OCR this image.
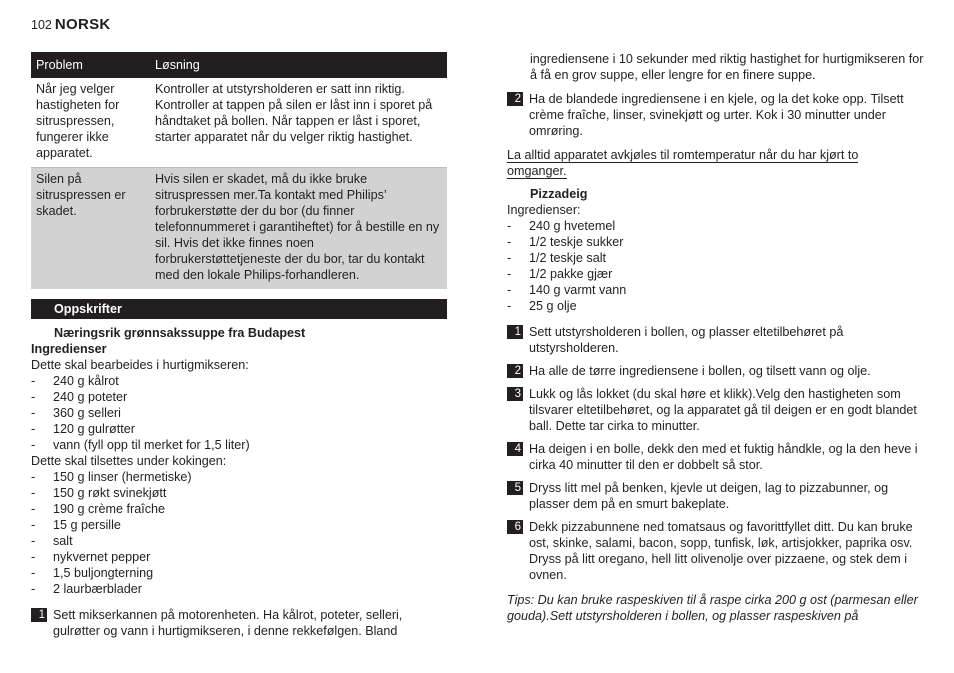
102 NORSK
Problem	Løsning
Når jeg velger hastigheten for sitruspressen, fungerer ikke apparatet.
Kontroller at utstyrsholderen er satt inn riktig. Kontroller at tappen på silen er låst inn i sporet på håndtaket på bollen. Når tappen er låst i sporet, starter apparatet når du velger riktig hastighet.
Silen på sitruspressen er skadet.
Hvis silen er skadet, må du ikke bruke sitruspressen mer.Ta kontakt med Philips’ forbrukerstøtte der du bor (du finner telefonnummeret i garantiheftet) for å bestille en ny sil. Hvis det ikke finnes noen forbrukerstøttetjeneste der du bor, tar du kontakt med den lokale Philips-forhandleren.
Oppskrifter
Næringsrik grønnsakssuppe fra Budapest
Ingredienser
Dette skal bearbeides i hurtigmikseren:
- 240 g kålrot
- 240 g poteter
- 360 g selleri
- 120 g gulrøtter
- vann (fyll opp til merket for 1,5 liter)
Dette skal tilsettes under kokingen:
- 150 g linser (hermetiske)
- 150 g røkt svinekjøtt
- 190 g crème fraîche
- 15 g persille
- salt
- nykvernet pepper
- 1,5 buljongterning
- 2 laurbærblader
1 Sett mikserkannen på motorenheten. Ha kålrot, poteter, selleri, gulrøtter og vann i hurtigmikseren, i denne rekkefølgen. Bland
ingrediensene i 10 sekunder med riktig hastighet for hurtigmikseren for å få en grov suppe, eller lengre for en finere suppe.
2 Ha de blandede ingrediensene i en kjele, og la det koke opp. Tilsett crème fraîche, linser, svinekjøtt og urter. Kok i 30 minutter under omrøring.
La alltid apparatet avkjøles til romtemperatur når du har kjørt to omganger.
Pizzadeig
Ingredienser:
- 240 g hvetemel
- 1/2 teskje sukker
- 1/2 teskje salt
- 1/2 pakke gjær
- 140 g varmt vann
- 25 g olje
1 Sett utstyrsholderen i bollen, og plasser eltetilbehøret på utstyrsholderen.
2 Ha alle de tørre ingrediensene i bollen, og tilsett vann og olje.
3 Lukk og lås lokket (du skal høre et klikk).Velg den hastigheten som tilsvarer eltetilbehøret, og la apparatet gå til deigen er en godt blandet ball. Dette tar cirka to minutter.
4 Ha deigen i en bolle, dekk den med et fuktig håndkle, og la den heve i cirka 40 minutter til den er dobbelt så stor.
5 Dryss litt mel på benken, kjevle ut deigen, lag to pizzabunner, og plasser dem på en smurt bakeplate.
6 Dekk pizzabunnene ned tomatsaus og favorittfyllet ditt. Du kan bruke ost, skinke, salami, bacon, sopp, tunfisk, løk, artisjokker, paprika osv. Dryss på litt oregano, hell litt olivenolje over pizzaene, og stek dem i ovnen.
Tips: Du kan bruke raspeskiven til å raspe cirka 200 g ost (parmesan eller gouda).Sett utstyrsholderen i bollen, og plasser raspeskiven på
